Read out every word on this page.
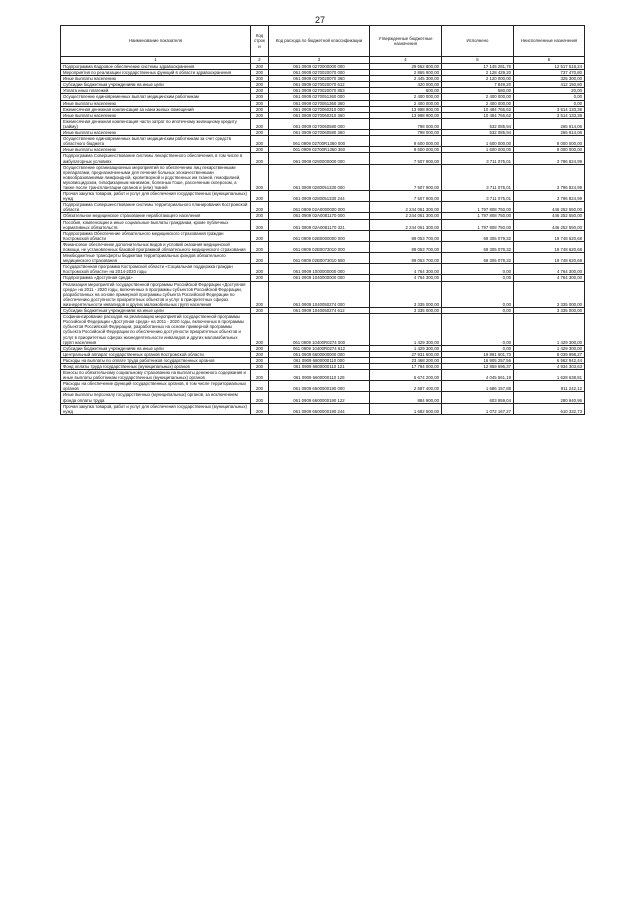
27
Наименование показателя	Код строк и	Код расхода по бюджетной классификации	Утвержденные бюджетные назначения	Исполнено	Неисполненные назначения
1	2	3	4	5	6
Подпрограмма Кадровое обеспечение системы здравоохранения	200	061 0909 0270000000 000	29 662 800,00	17 145 281,76	12 517 518,24
Мероприятия по реализации государственных функций в области здравоохранения	200	061 0909 0270020070 000	2 865 900,00	2 128 429,20	737 470,80
Иные выплаты населению	200	061 0909 0270020070 360	2 445 300,00	2 120 000,00	325 300,00
Субсидии бюджетным учреждениям на иные цели	200	061 0909 0270020070 612	420 000,00	7 849,20	412 150,80
Уплата иных платежей	200	061 0909 0270020070 853	600,00	580,00	20,00
Осуществление единовременных выплат медицинским работникам	200	061 0909 0270051360 000	2 400 000,00	2 400 000,00	0,00
Иные выплаты населению	200	061 0909 0270051360 360	2 400 000,00	2 400 000,00	0,00
Ежемесячная денежная компенсация за наем жилых помещений	200	061 0909 0270060310 000	13 998 900,00	10 484 766,62	3 514 133,38
Иные выплаты населению	200	061 0909 0270060310 360	13 998 900,00	10 484 766,62	3 514 133,38
Ежемесячная денежная компенсация части затрат по ипотечному жилищному кредиту (займу)	200	061 0909 0270060580 000	798 000,00	532 085,94	265 914,06
Иные выплаты населению	200	061 0909 0270060580 360	798 000,00	532 085,94	265 914,06
Осуществление единовременных выплат медицинским работникам за счет средств областного бюджета	200	061 0909 02700R1360 000	9 600 000,00	1 600 000,00	8 000 000,00
Иные выплаты населению	200	061 0909 02700R1360 360	9 600 000,00	1 600 000,00	8 000 000,00
Подпрограмма Совершенствование системы лекарственного обеспечения, в том числе в амбулаторных условиях	200	061 0909 0280000000 000	7 507 900,00	3 711 075,01	3 796 824,99
Осуществление организационных мероприятий по обеспечению лиц лекарственными препаратами, предназначенными для лечения больных злокачественными новообразованиями лимфоидной, кроветворной и родственных им тканей, гемофилией, муковисцидозом, гипофизарным нанизмом, болезнью Гоше, рассеянным склерозом, а также после трансплантации органов и (или) тканей	200	061 0909 0280051330 000	7 507 900,00	3 711 075,01	3 796 824,99
Прочая закупка товаров, работ и услуг для обеспечения государственных (муниципальных) нужд	200	061 0909 0280051330 244	7 507 900,00	3 711 075,01	3 796 824,99
Подпрограмма Совершенствование системы территориального планирования Костромской области	200	061 0909 02A0000000 000	2 244 061 300,00	1 797 808 750,00	446 252 550,00
Обязательное медицинское страхование неработающего населения	200	061 0909 02A0081170 000	2 244 061 300,00	1 797 808 750,00	446 252 550,00
Пособия, компенсации и иные социальные выплаты гражданам, кроме публичных нормативных обязательств	200	061 0909 02A0081170 321	2 244 061 300,00	1 797 808 750,00	446 252 550,00
Подпрограмма Обеспечение обязательного медицинского страхования граждан Костромской области	200	061 0909 02B0000000 000	89 053 700,00	69 305 079,32	19 748 620,68
Финансовое обеспечение дополнительных видов и условий оказания медицинской помощи, не установленных базовой программой обязательного медицинского страхования	200	061 0909 02B0073010 000	89 053 700,00	69 305 079,32	19 748 620,68
Межбюджетные трансферты бюджетам территориальных фондов обязательного медицинского страхования	200	061 0909 02B0073010 580	89 053 700,00	69 305 079,32	19 748 620,68
Государственная программа Костромской области «Социальная поддержка граждан Костромской области» на 2014-2020 годы	200	061 0909 1000000000 000	4 764 300,00	0,00	4 764 300,00
Подпрограмма «Доступная среда»	200	061 0909 1040000000 000	4 764 300,00	0,00	4 764 300,00
Реализация мероприятий государственной программы Российской Федерации «Доступная среда» на 2011 - 2020 годы, включенных в программы субъектов Российской Федерации, разработанных на основе примерной программы субъекта Российской Федерации по обеспечению доступности приоритетных объектов и услуг в приоритетных сферах жизнедеятельности инвалидов и других маломобильных групп населения	200	061 0909 1040050274 000	3 335 000,00	0,00	3 335 000,00
Субсидии бюджетным учреждениям на иные цели	200	061 0909 1040050274 612	3 335 000,00	0,00	3 335 000,00
Софинансирование расходов на реализацию мероприятий государственной программы Российской Федерации «Доступная среда» на 2011 - 2020 годы, включенных в программы субъектов Российской Федерации, разработанных на основе примерной программы субъекта Российской Федерации по обеспечению доступности приоритетных объектов и услуг в приоритетных сферах жизнедеятельности инвалидов и других маломобильных групп населения	200	061 0909 10400R0274 000	1 429 300,00	0,00	1 429 300,00
Субсидии бюджетным учреждениям на иные цели	200	061 0909 10400R0274 612	1 429 300,00	0,00	1 429 300,00
Центральный аппарат государственных органов Костромской области	200	061 0909 6600000000 000	27 931 600,00	19 891 601,73	8 039 998,27
Расходы на выплаты по оплате труда работников государственных органов	200	061 0909 6600000110 000	23 468 200,00	16 905 257,56	6 562 942,44
Фонд оплаты труда государственных (муниципальных) органов	200	061 0909 6600000110 121	17 794 000,00	12 859 696,37	4 934 303,63
Взносы по обязательному социальному страхованию на выплаты денежного содержания и иные выплаты работникам государственных (муниципальных) органов	200	061 0909 6600000110 129	5 674 200,00	4 045 561,19	1 628 638,81
Расходы на обеспечение функций государственных органов, в том числе территориальных органов	200	061 0909 6600000190 000	2 597 400,00	1 686 157,88	911 242,12
Иные выплаты персоналу государственных (муниципальных) органов, за исключением фонда оплаты труда	200	061 0909 6600000190 122	884 900,00	603 959,04	280 940,96
Прочая закупка товаров, работ и услуг для обеспечения государственных (муниципальных) нужд	200	061 0909 6600000190 244	1 682 500,00	1 072 167,27	610 332,73
